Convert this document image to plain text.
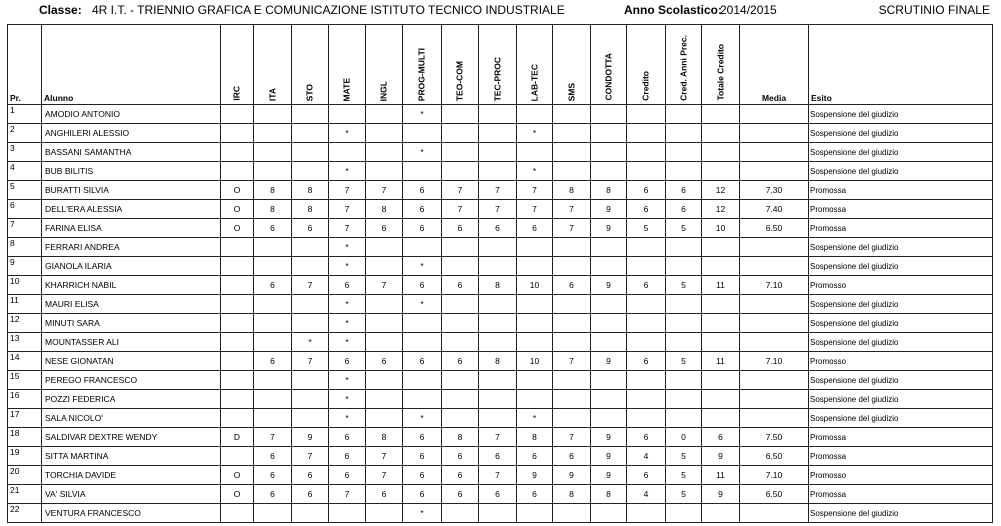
Classe: 4R I.T. - TRIENNIO GRAFICA E COMUNICAZIONE ISTITUTO TECNICO INDUSTRIALE	Anno Scolastico:
2014/2015	SCRUTINIO FINALE
Pr.	Alunno	IRC	ITA	STO	MATE	INGL	PROG-MULTI	TEO-COM	TEC-PROC	LAB-TEC	SMS	CONDOTTA	Credito	Cred. Anni Prec.	Totale Credito	Media	Esito
1	AMODIO ANTONIO						*										Sospensione del giudizio
2	ANGHILERI ALESSIO				*					*							Sospensione del giudizio
3	BASSANI SAMANTHA						*										Sospensione del giudizio
4	BUB BILITIS				*					*							Sospensione del giudizio
5	BURATTI SILVIA	O	8	8	7	7	6	7	7	7	8	8	6	6	12	7.30	Promossa
6	DELL'ERA ALESSIA	O	8	8	7	8	6	7	7	7	7	9	6	6	12	7.40	Promossa
7	FARINA ELISA	O	6	6	7	6	6	6	6	6	7	9	5	5	10	6.50	Promossa
8	FERRARI ANDREA				*												Sospensione del giudizio
9	GIANOLA ILARIA				*		*										Sospensione del giudizio
10	KHARRICH NABIL		6	7	6	7	6	6	8	10	6	9	6	5	11	7.10	Promosso
11	MAURI ELISA				*		*										Sospensione del giudizio
12	MINUTI SARA				*												Sospensione del giudizio
13	MOUNTASSER ALI			*	*												Sospensione del giudizio
14	NESE GIONATAN		6	7	6	6	6	6	8	10	7	9	6	5	11	7.10	Promosso
15	PEREGO FRANCESCO				*												Sospensione del giudizio
16	POZZI FEDERICA				*												Sospensione del giudizio
17	SALA NICOLO'				*		*			*							Sospensione del giudizio
18	SALDIVAR DEXTRE WENDY	D	7	9	6	8	6	8	7	8	7	9	6	0	6	7.50	Promossa
19	SITTA MARTINA		6	7	6	7	6	6	6	6	6	9	4	5	9	6.50	Promossa
20	TORCHIA DAVIDE	O	6	6	6	7	6	6	7	9	9	9	6	5	11	7.10	Promosso
21	VA' SILVIA	O	6	6	7	6	6	6	6	6	8	8	4	5	9	6.50	Promossa
22	VENTURA FRANCESCO						*										Sospensione del giudizio
